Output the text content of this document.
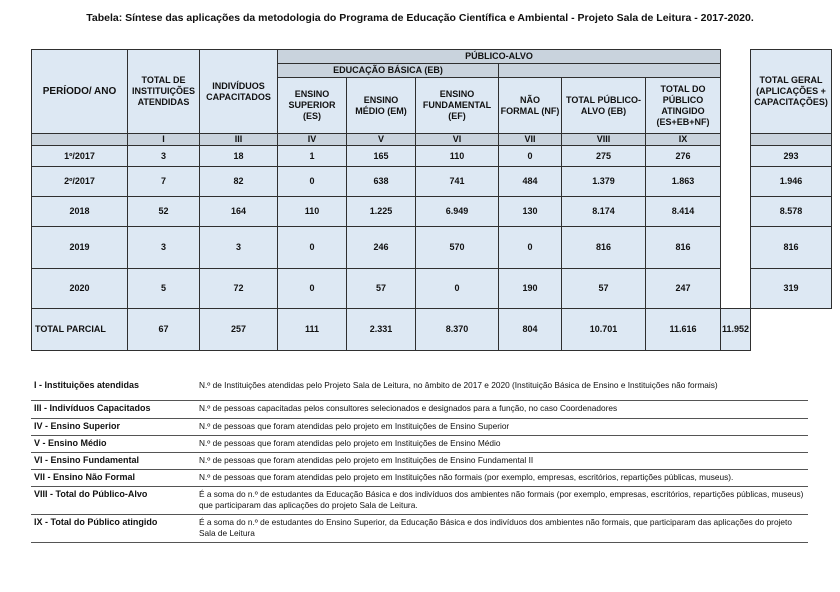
Tabela: Síntese das aplicações da metodologia do Programa de Educação Científica e Ambiental - Projeto Sala de Leitura - 2017-2020.
PERÍODO/ ANO	TOTAL DE INSTITUIÇÕES ATENDIDAS	INDIVÍDUOS CAPACITADOS	PÚBLICO-ALVO							TOTAL GERAL (APLICAÇÕES + CAPACITAÇÕES)
			EDUCAÇÃO BÁSICA (EB)							
			ENSINO SUPERIOR (ES)	ENSINO MÉDIO (EM)	ENSINO FUNDAMENTAL (EF)	NÃO FORMAL (NF)	TOTAL PÚBLICO-ALVO (EB)	TOTAL DO PÚBLICO ATINGIDO (ES+EB+NF)		
	I	III	IV	V	VI	VII	VIII	IX		
1º/2017	3	18	1	165	110	0	275	276		293
2º/2017	7	82	0	638	741	484	1.379	1.863		1.946
2018	52	164	110	1.225	6.949	130	8.174	8.414		8.578
2019	3	3	0	246	570	0	816	816		816
2020	5	72	0	57	0	190	57	247		319
TOTAL PARCIAL	67	257	111	2.331	8.370	804	10.701	11.616	11.952	
I - Instituições atendidas	N.º de Instituições atendidas pelo Projeto Sala de Leitura, no âmbito de 2017 e 2020 (Instituição Básica de Ensino e Instituições não formais)
III - Indivíduos Capacitados	N.º de pessoas capacitadas pelos consultores selecionados e designados para a função, no caso Coordenadores
IV - Ensino Superior	N.º de pessoas que foram atendidas pelo projeto em Instituições de Ensino Superior
V - Ensino Médio	N.º de pessoas que foram atendidas pelo projeto em Instituições de Ensino Médio
VI - Ensino Fundamental	N.º de pessoas que foram atendidas pelo projeto em Instituições de Ensino Fundamental II
VII - Ensino Não Formal	N.º de pessoas que foram atendidas pelo projeto em Instituições não formais (por exemplo, empresas, escritórios, repartições públicas, museus).
VIII - Total do Público-Alvo	É a soma do n.º de estudantes da Educação Básica e dos indivíduos dos ambientes não formais (por exemplo, empresas, escritórios, repartições públicas, museus) que participaram das aplicações do projeto Sala de Leitura.
IX - Total do Público atingido	É a soma do n.º de estudantes do Ensino Superior, da Educação Básica e dos indivíduos dos ambientes não formais, que participaram das aplicações do projeto Sala de Leitura
